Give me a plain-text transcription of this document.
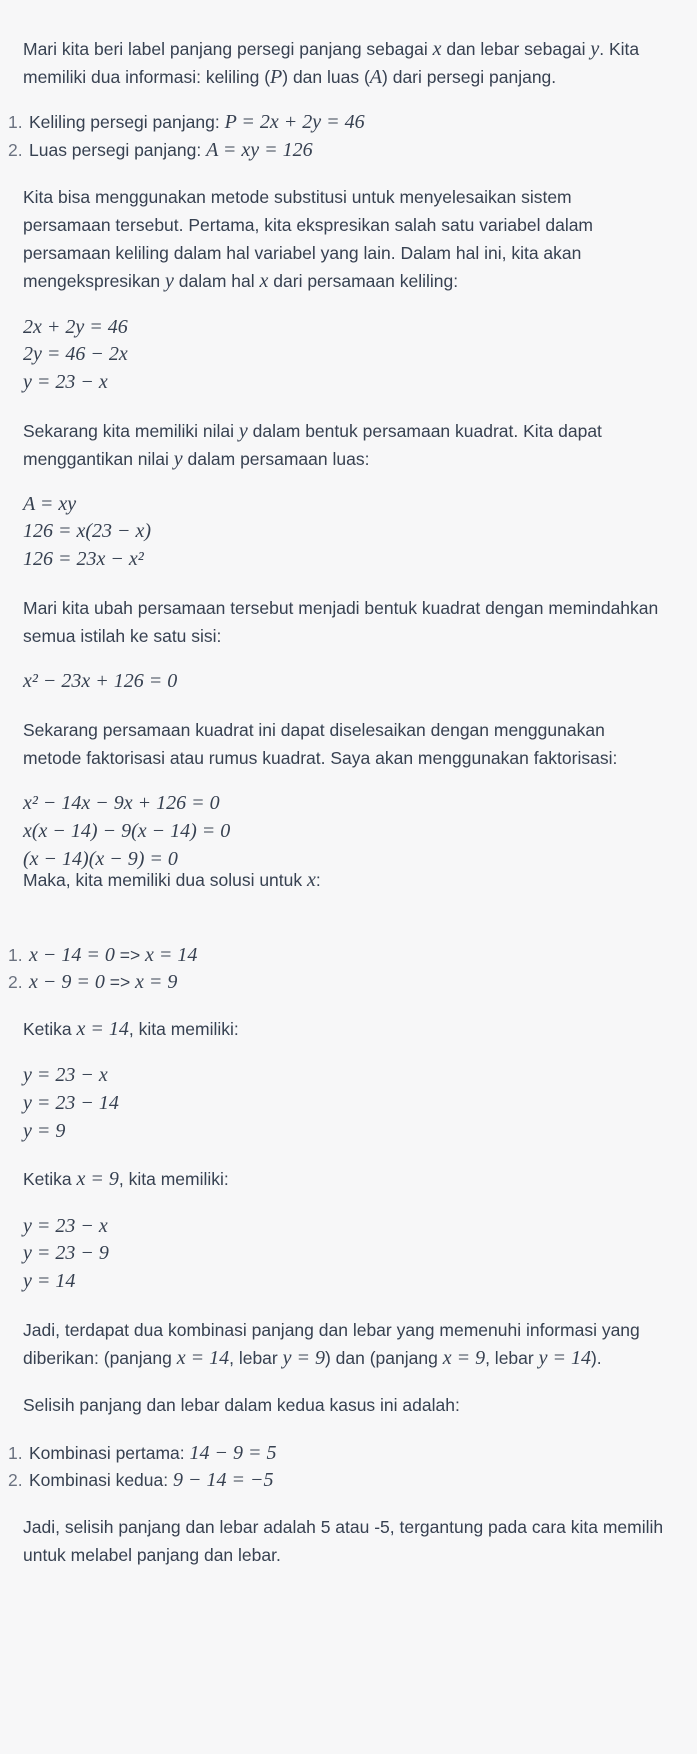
Mari kita beri label panjang persegi panjang sebagai x dan lebar sebagai y. Kita
memiliki dua informasi: keliling (P) dan luas (A) dari persegi panjang.
1. Keliling persegi panjang: P = 2x + 2y = 46
2. Luas persegi panjang: A = xy = 126
Kita bisa menggunakan metode substitusi untuk menyelesaikan sistem
persamaan tersebut. Pertama, kita ekspresikan salah satu variabel dalam
persamaan keliling dalam hal variabel yang lain. Dalam hal ini, kita akan
mengekspresikan y dalam hal x dari persamaan keliling:
2x + 2y = 46
2y = 46 − 2x
y = 23 − x
Sekarang kita memiliki nilai y dalam bentuk persamaan kuadrat. Kita dapat
menggantikan nilai y dalam persamaan luas:
A = xy
126 = x(23 − x)
126 = 23x − x²
Mari kita ubah persamaan tersebut menjadi bentuk kuadrat dengan memindahkan
semua istilah ke satu sisi:
x² − 23x + 126 = 0
Sekarang persamaan kuadrat ini dapat diselesaikan dengan menggunakan
metode faktorisasi atau rumus kuadrat. Saya akan menggunakan faktorisasi:
x² − 14x − 9x + 126 = 0
x(x − 14) − 9(x − 14) = 0
(x − 14)(x − 9) = 0
Maka, kita memiliki dua solusi untuk x:
1. x − 14 = 0 => x = 14
2. x − 9 = 0 => x = 9
Ketika x = 14, kita memiliki:
y = 23 − x
y = 23 − 14
y = 9
Ketika x = 9, kita memiliki:
y = 23 − x
y = 23 − 9
y = 14
Jadi, terdapat dua kombinasi panjang dan lebar yang memenuhi informasi yang
diberikan: (panjang x = 14, lebar y = 9) dan (panjang x = 9, lebar y = 14).
Selisih panjang dan lebar dalam kedua kasus ini adalah:
1. Kombinasi pertama: 14 − 9 = 5
2. Kombinasi kedua: 9 − 14 = −5
Jadi, selisih panjang dan lebar adalah 5 atau -5, tergantung pada cara kita memilih
untuk melabel panjang dan lebar.
